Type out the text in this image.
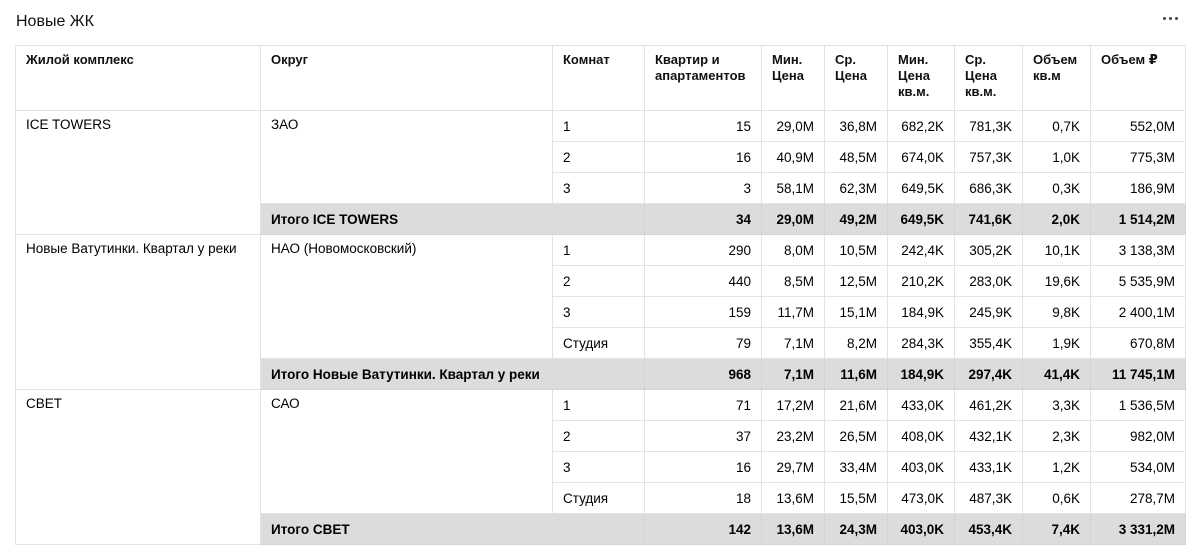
Новые ЖК
Жилой комплекс	Округ	Комнат	Квартир и апартаментов	Мин. Цена	Ср. Цена	Мин. Цена кв.м.	Ср. Цена кв.м.	Объем кв.м	Объем ₽
ICE TOWERS	ЗАО	1	15	29,0M	36,8M	682,2K	781,3K	0,7K	552,0M
		2	16	40,9M	48,5M	674,0K	757,3K	1,0K	775,3M
		3	3	58,1M	62,3M	649,5K	686,3K	0,3K	186,9M
	Итого ICE TOWERS		34	29,0M	49,2M	649,5K	741,6K	2,0K	1 514,2M
Новые Ватутинки. Квартал у реки	НАО (Новомосковский)	1	290	8,0M	10,5M	242,4K	305,2K	10,1K	3 138,3M
		2	440	8,5M	12,5M	210,2K	283,0K	19,6K	5 535,9M
		3	159	11,7M	15,1M	184,9K	245,9K	9,8K	2 400,1M
		Студия	79	7,1M	8,2M	284,3K	355,4K	1,9K	670,8M
	Итого Новые Ватутинки. Квартал у реки		968	7,1M	11,6M	184,9K	297,4K	41,4K	11 745,1M
СВЕТ	САО	1	71	17,2M	21,6M	433,0K	461,2K	3,3K	1 536,5M
		2	37	23,2M	26,5M	408,0K	432,1K	2,3K	982,0M
		3	16	29,7M	33,4M	403,0K	433,1K	1,2K	534,0M
		Студия	18	13,6M	15,5M	473,0K	487,3K	0,6K	278,7M
	Итого СВЕТ		142	13,6M	24,3M	403,0K	453,4K	7,4K	3 331,2M
